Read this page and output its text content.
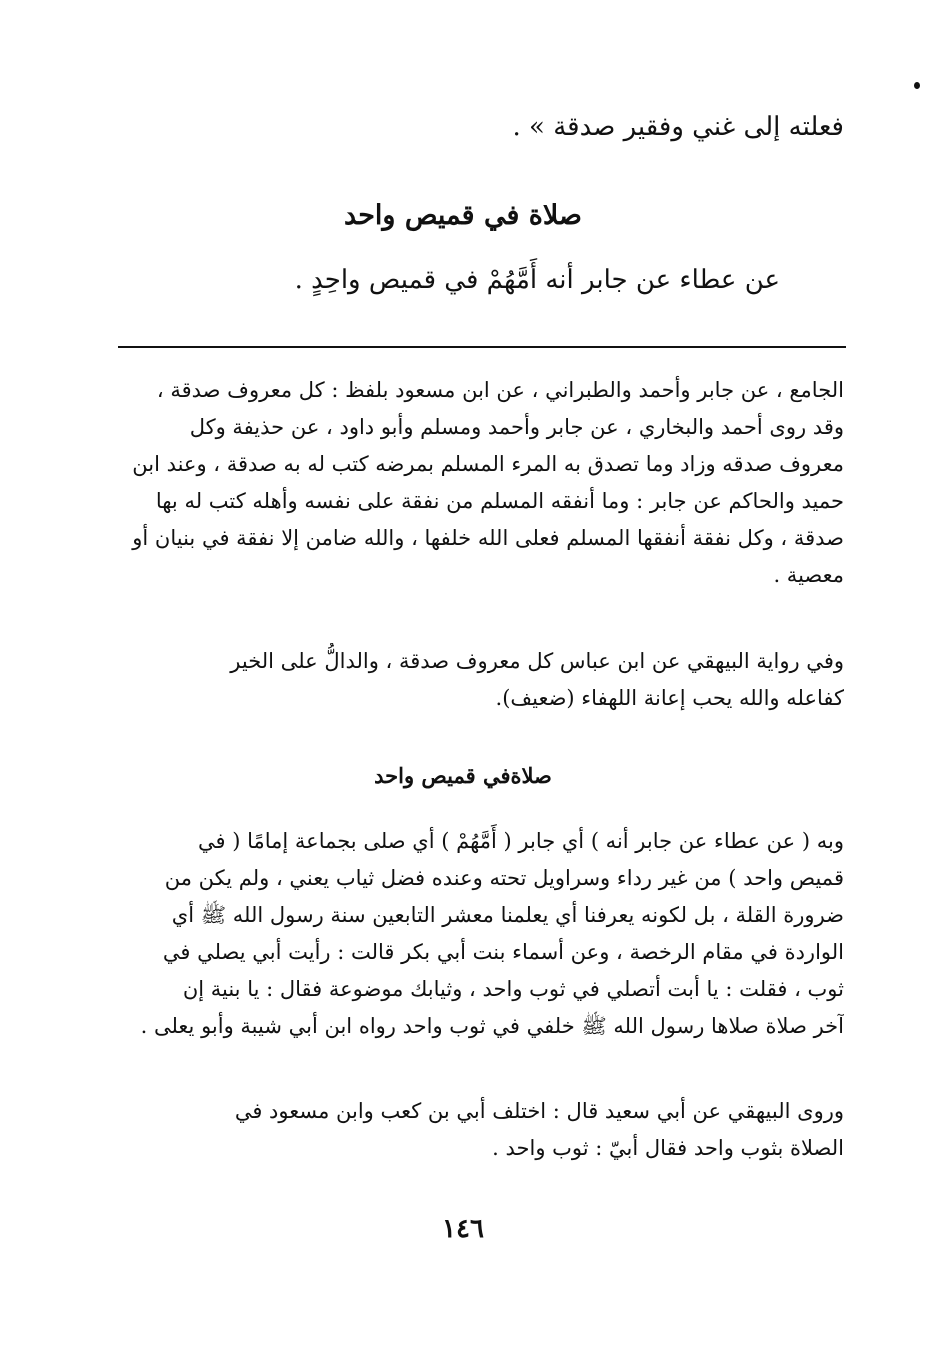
فعلته إلى غني وفقير صدقة » .
صلاة في قميص واحد
عن عطاء عن جابر أنه أَمَّهُمْ في قميص واحِدٍ .
الجامع ، عن جابر وأحمد والطبراني ، عن ابن مسعود بلفظ : كل معروف صدقة ،
وقد روى أحمد والبخاري ، عن جابر وأحمد ومسلم وأبو داود ، عن حذيفة وكل
معروف صدقه وزاد وما تصدق به المرء المسلم بمرضه كتب له به صدقة ، وعند ابن
حميد والحاكم عن جابر : وما أنفقه المسلم من نفقة على نفسه وأهله كتب له بها
صدقة ، وكل نفقة أنفقها المسلم فعلى الله خلفها ، والله ضامن إلا نفقة في بنيان أو
معصية .
وفي رواية البيهقي عن ابن عباس كل معروف صدقة ، والدالُّ على الخير
كفاعله والله يحب إعانة اللهفاء (ضعيف).
صلاةفي قميص واحد
وبه ( عن عطاء عن جابر أنه ) أي جابر ( أَمَّهُمْ ) أي صلى بجماعة إمامًا ( في
قميص واحد ) من غير رداء وسراويل تحته وعنده فضل ثياب يعني ، ولم يكن من
ضرورة القلة ، بل لكونه يعرفنا أي يعلمنا معشر التابعين سنة رسول الله ﷺ أي
الواردة في مقام الرخصة ، وعن أسماء بنت أبي بكر قالت : رأيت أبي يصلي في
ثوب ، فقلت : يا أبت أتصلي في ثوب واحد ، وثيابك موضوعة فقال : يا بنية إن
آخر صلاة صلاها رسول الله ﷺ خلفي في ثوب واحد رواه ابن أبي شيبة وأبو يعلى .
وروى البيهقي عن أبي سعيد قال : اختلف أبي بن كعب وابن مسعود في
الصلاة بثوب واحد فقال أبيّ : ثوب واحد .
١٤٦
